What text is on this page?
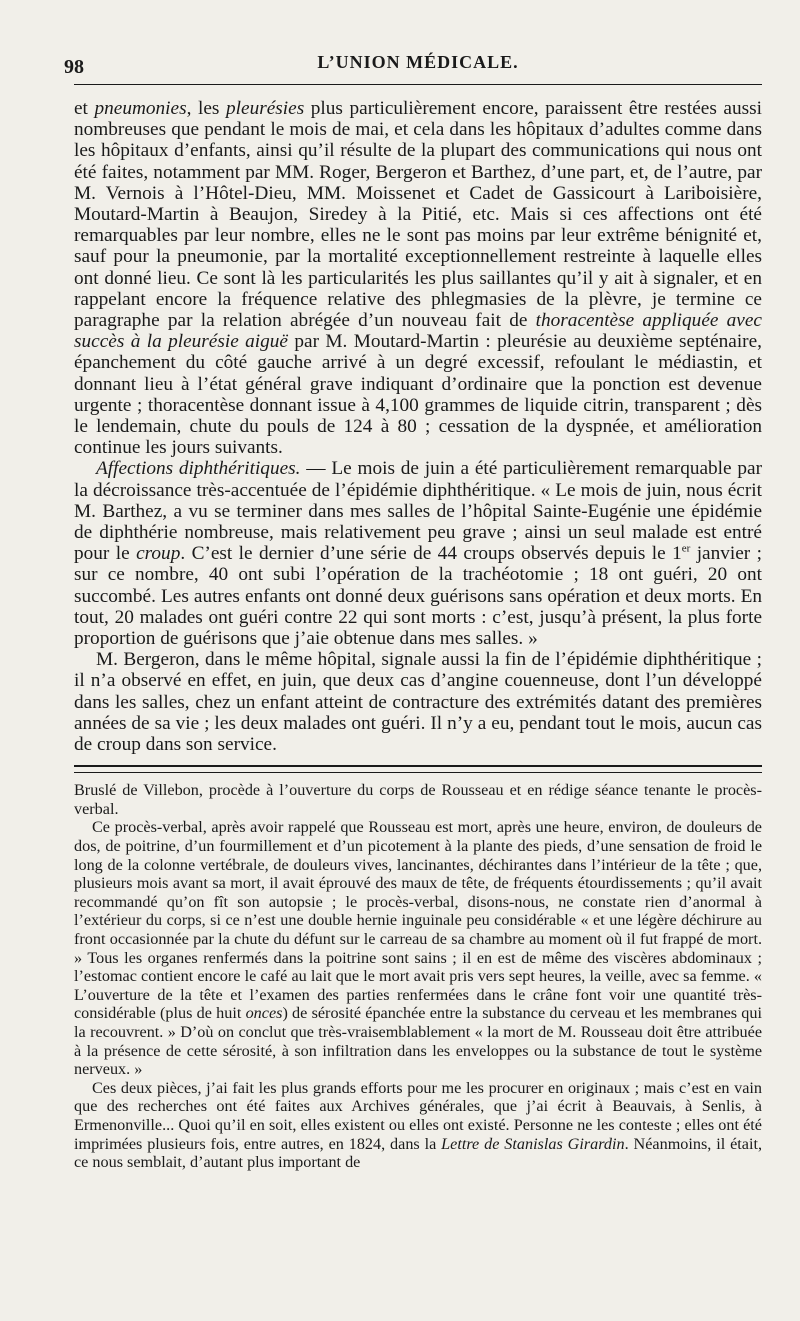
98	L’UNION MÉDICALE.

et pneumonies, les pleurésies plus particulièrement encore, paraissent être restées aussi nombreuses que pendant le mois de mai, et cela dans les hôpitaux d’adultes comme dans les hôpitaux d’enfants, ainsi qu’il résulte de la plupart des communications qui nous ont été faites, notamment par MM. Roger, Bergeron et Barthez, d’une part, et, de l’autre, par M. Vernois à l’Hôtel-Dieu, MM. Moissenet et Cadet de Gassicourt à Lariboisière, Moutard-Martin à Beaujon, Siredey à la Pitié, etc. Mais si ces affections ont été remarquables par leur nombre, elles ne le sont pas moins par leur extrême bénignité et, sauf pour la pneumonie, par la mortalité exceptionnellement restreinte à laquelle elles ont donné lieu. Ce sont là les particularités les plus saillantes qu’il y ait à signaler, et en rappelant encore la fréquence relative des phlegmasies de la plèvre, je termine ce paragraphe par la relation abrégée d’un nouveau fait de thoracentèse appliquée avec succès à la pleurésie aiguë par M. Moutard-Martin : pleurésie au deuxième septénaire, épanchement du côté gauche arrivé à un degré excessif, refoulant le médiastin, et donnant lieu à l’état général grave indiquant d’ordinaire que la ponction est devenue urgente ; thoracentèse donnant issue à 4,100 grammes de liquide citrin, transparent ; dès le lendemain, chute du pouls de 124 à 80 ; cessation de la dyspnée, et amélioration continue les jours suivants.

Affections diphthéritiques. — Le mois de juin a été particulièrement remarquable par la décroissance très-accentuée de l’épidémie diphthéritique. « Le mois de juin, nous écrit M. Barthez, a vu se terminer dans mes salles de l’hôpital Sainte-Eugénie une épidémie de diphthérie nombreuse, mais relativement peu grave ; ainsi un seul malade est entré pour le croup. C’est le dernier d’une série de 44 croups observés depuis le 1er janvier ; sur ce nombre, 40 ont subi l’opération de la trachéotomie ; 18 ont guéri, 20 ont succombé. Les autres enfants ont donné deux guérisons sans opération et deux morts. En tout, 20 malades ont guéri contre 22 qui sont morts : c’est, jusqu’à présent, la plus forte proportion de guérisons que j’aie obtenue dans mes salles. »

M. Bergeron, dans le même hôpital, signale aussi la fin de l’épidémie diphthéritique ; il n’a observé en effet, en juin, que deux cas d’angine couenneuse, dont l’un développé dans les salles, chez un enfant atteint de contracture des extrémités datant des premières années de sa vie ; les deux malades ont guéri. Il n’y a eu, pendant tout le mois, aucun cas de croup dans son service.

Bruslé de Villebon, procède à l’ouverture du corps de Rousseau et en rédige séance tenante le procès-verbal.

Ce procès-verbal, après avoir rappelé que Rousseau est mort, après une heure, environ, de douleurs de dos, de poitrine, d’un fourmillement et d’un picotement à la plante des pieds, d’une sensation de froid le long de la colonne vertébrale, de douleurs vives, lancinantes, déchirantes dans l’intérieur de la tête ; que, plusieurs mois avant sa mort, il avait éprouvé des maux de tête, de fréquents étourdissements ; qu’il avait recommandé qu’on fît son autopsie ; le procès-verbal, disons-nous, ne constate rien d’anormal à l’extérieur du corps, si ce n’est une double hernie inguinale peu considérable « et une légère déchirure au front occasionnée par la chute du défunt sur le carreau de sa chambre au moment où il fut frappé de mort. » Tous les organes renfermés dans la poitrine sont sains ; il en est de même des viscères abdominaux ; l’estomac contient encore le café au lait que le mort avait pris vers sept heures, la veille, avec sa femme. « L’ouverture de la tête et l’examen des parties renfermées dans le crâne font voir une quantité très-considérable (plus de huit onces) de sérosité épanchée entre la substance du cerveau et les membranes qui la recouvrent. » D’où on conclut que très-vraisemblablement « la mort de M. Rousseau doit être attribuée à la présence de cette sérosité, à son infiltration dans les enveloppes ou la substance de tout le système nerveux. »

Ces deux pièces, j’ai fait les plus grands efforts pour me les procurer en originaux ; mais c’est en vain que des recherches ont été faites aux Archives générales, que j’ai écrit à Beauvais, à Senlis, à Ermenonville... Quoi qu’il en soit, elles existent ou elles ont existé. Personne ne les conteste ; elles ont été imprimées plusieurs fois, entre autres, en 1824, dans la Lettre de Stanislas Girardin. Néanmoins, il était, ce nous semblait, d’autant plus important de
